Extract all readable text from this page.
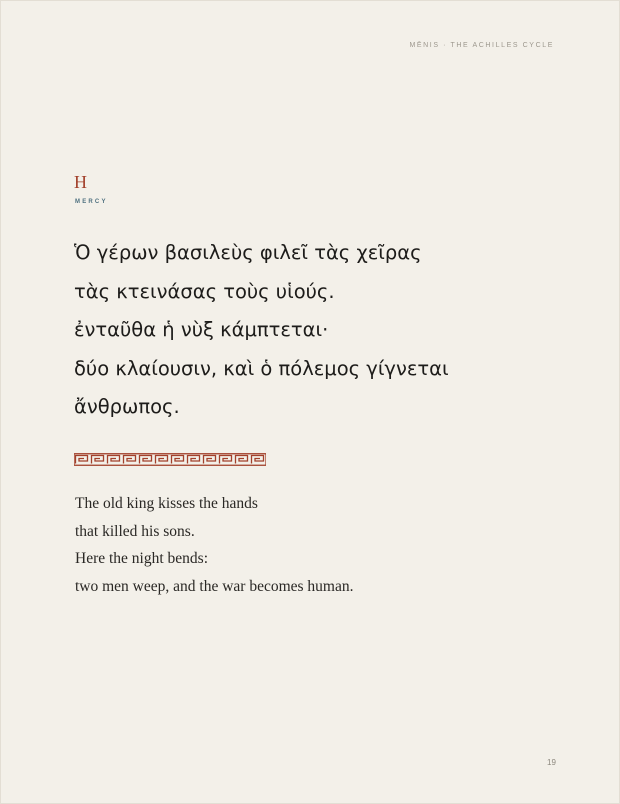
MĒNIS · THE ACHILLES CYCLE
H
MERCY
Ὁ γέρων βασιλεὺς φιλεῖ τὰς χεῖρας
τὰς κτεινάσας τοὺς υἱούς.
ἐνταῦθα ἡ νὺξ κάμπτεται·
δύο κλαίουσιν, καὶ ὁ πόλεμος γίγνεται
ἄνθρωπος.
The old king kisses the hands
that killed his sons.
Here the night bends:
two men weep, and the war becomes human.
19
